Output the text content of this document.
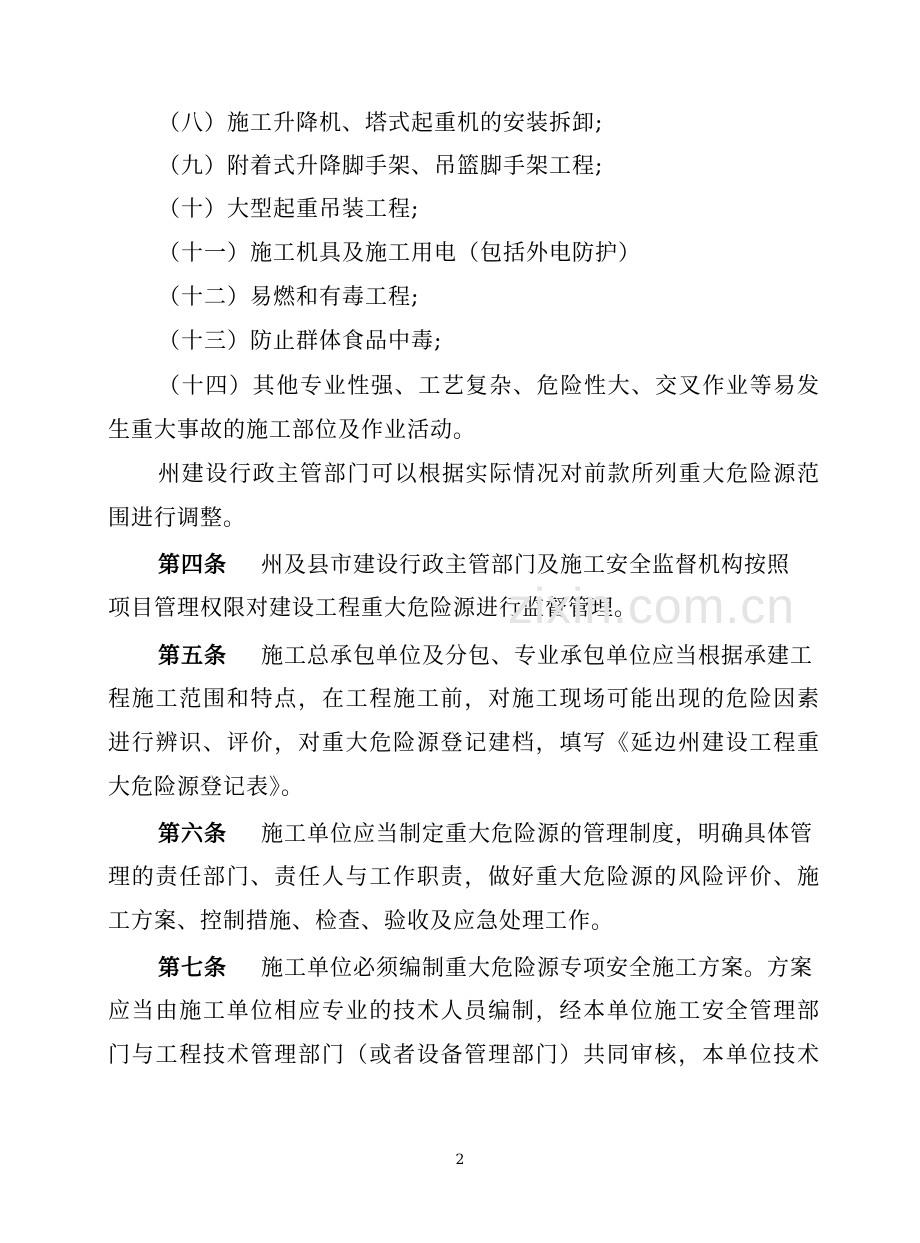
（八）施工升降机、塔式起重机的安装拆卸;
（九）附着式升降脚手架、吊篮脚手架工程;
（十）大型起重吊装工程;
（十一）施工机具及施工用电（包括外电防护）
（十二）易燃和有毒工程;
（十三）防止群体食品中毒;
（十四）其他专业性强、工艺复杂、危险性大、交叉作业等易发
生重大事故的施工部位及作业活动。
州建设行政主管部门可以根据实际情况对前款所列重大危险源范
围进行调整。
第四条 州及县市建设行政主管部门及施工安全监督机构按照
项目管理权限对建设工程重大危险源进行监督管理。
第五条 施工总承包单位及分包、专业承包单位应当根据承建工
程施工范围和特点，在工程施工前，对施工现场可能出现的危险因素
进行辨识、评价，对重大危险源登记建档，填写《延边州建设工程重
大危险源登记表》。
第六条 施工单位应当制定重大危险源的管理制度，明确具体管
理的责任部门、责任人与工作职责，做好重大危险源的风险评价、施
工方案、控制措施、检查、验收及应急处理工作。
第七条 施工单位必须编制重大危险源专项安全施工方案。方案
应当由施工单位相应专业的技术人员编制，经本单位施工安全管理部
门与工程技术管理部门（或者设备管理部门）共同审核，本单位技术
zixin.com.cn
2
